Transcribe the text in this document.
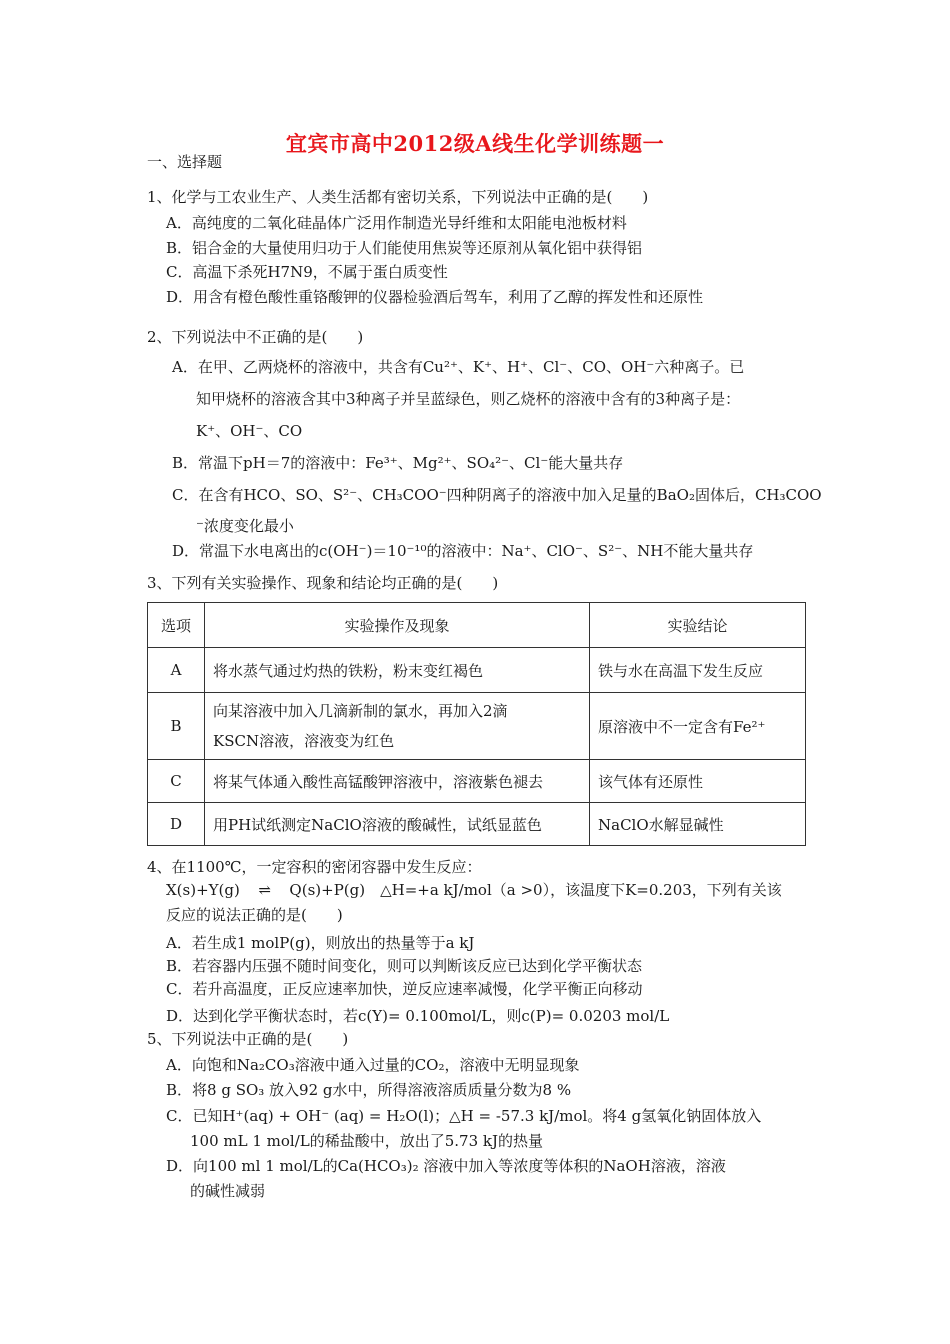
宜宾市高中2012级A线生化学训练题一
一、选择题
1、化学与工农业生产、人类生活都有密切关系，下列说法中正确的是(　　)
A．高纯度的二氧化硅晶体广泛用作制造光导纤维和太阳能电池板材料
B．铝合金的大量使用归功于人们能使用焦炭等还原剂从氧化铝中获得铝
C．高温下杀死H7N9，不属于蛋白质变性
D．用含有橙色酸性重铬酸钾的仪器检验酒后驾车，利用了乙醇的挥发性和还原性
2、下列说法中不正确的是(　　)
A．在甲、乙两烧杯的溶液中，共含有Cu²⁺、K⁺、H⁺、Cl⁻、CO、OH⁻六种离子。已
知甲烧杯的溶液含其中3种离子并呈蓝绿色，则乙烧杯的溶液中含有的3种离子是：
K⁺、OH⁻、CO
B．常温下pH＝7的溶液中：Fe³⁺、Mg²⁺、SO₄²⁻、Cl⁻能大量共存
C．在含有HCO、SO、S²⁻、CH₃COO⁻四种阴离子的溶液中加入足量的BaO₂固体后，CH₃COO
⁻浓度变化最小
D．常温下水电离出的c(OH⁻)＝10⁻¹⁰的溶液中：Na⁺、ClO⁻、S²⁻、NH不能大量共存
3、下列有关实验操作、现象和结论均正确的是(　　)
选项	实验操作及现象	实验结论
A	将水蒸气通过灼热的铁粉，粉末变红褐色	铁与水在高温下发生反应
B	向某溶液中加入几滴新制的氯水，再加入2滴
KSCN溶液，溶液变为红色	原溶液中不一定含有Fe²⁺
C	将某气体通入酸性高锰酸钾溶液中，溶液紫色褪去	该气体有还原性
D	用PH试纸测定NaClO溶液的酸碱性，试纸显蓝色	NaClO水解显碱性
4、在1100℃，一定容积的密闭容器中发生反应：
X(s)+Y(g) ⇌ Q(s)+P(g)　△H=+a kJ/mol（a >0），该温度下K=0.203，下列有关该
反应的说法正确的是(　　)
A．若生成1 molP(g)，则放出的热量等于a kJ
B．若容器内压强不随时间变化，则可以判断该反应已达到化学平衡状态
C．若升高温度，正反应速率加快，逆反应速率减慢，化学平衡正向移动
D．达到化学平衡状态时，若c(Y)= 0.100mol/L，则c(P)= 0.0203 mol/L
5、下列说法中正确的是(　　)
A．向饱和Na₂CO₃溶液中通入过量的CO₂，溶液中无明显现象
B．将8 g SO₃ 放入92 g水中，所得溶液溶质质量分数为8 %
C．已知H⁺(aq) + OH⁻ (aq) = H₂O(l)；△H = -57.3 kJ/mol。将4 g氢氧化钠固体放入
100 mL 1 mol/L的稀盐酸中，放出了5.73 kJ的热量
D．向100 ml 1 mol/L的Ca(HCO₃)₂ 溶液中加入等浓度等体积的NaOH溶液，溶液
的碱性减弱
